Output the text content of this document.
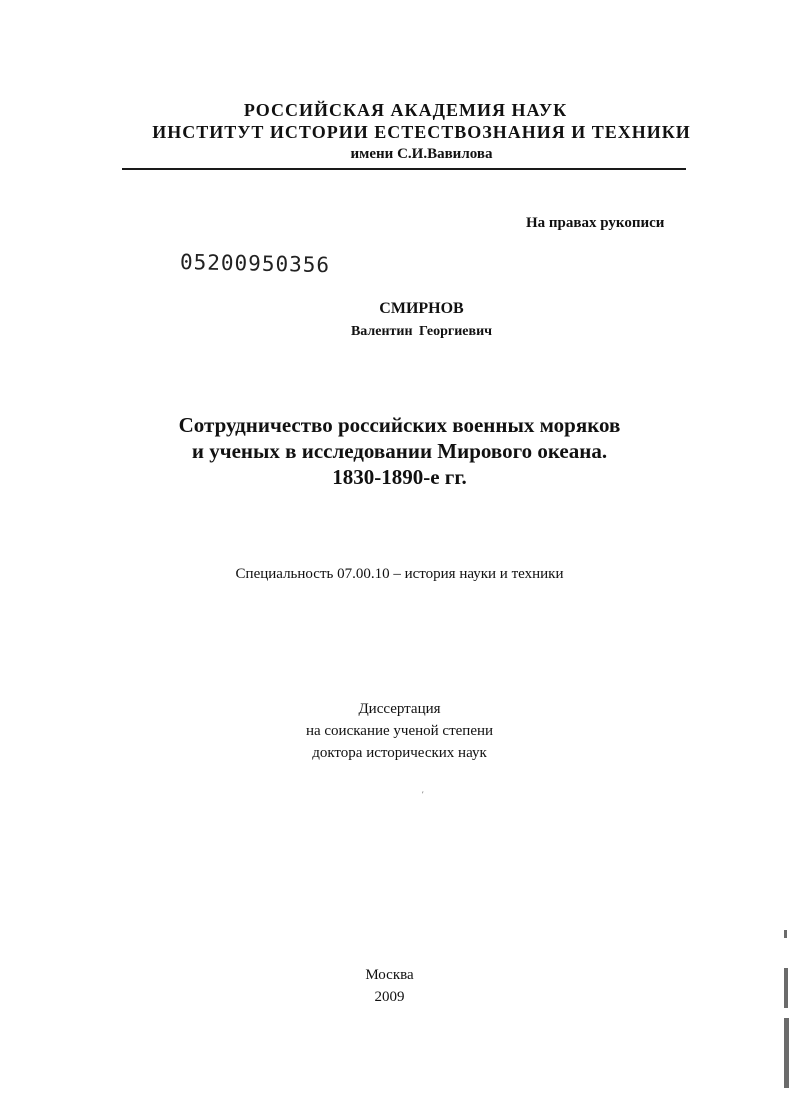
РОССИЙСКАЯ АКАДЕМИЯ НАУК
ИНСТИТУТ ИСТОРИИ ЕСТЕСТВОЗНАНИЯ И ТЕХНИКИ
имени С.И.Вавилова
На правах рукописи
05200950356
СМИРНОВ
Валентин Георгиевич
Сотрудничество российских военных моряков
и ученых в исследовании Мирового океана.
1830-1890-е гг.
Специальность 07.00.10 – история науки и техники
Диссертация
на соискание ученой степени
доктора исторических наук
′
Москва
2009
